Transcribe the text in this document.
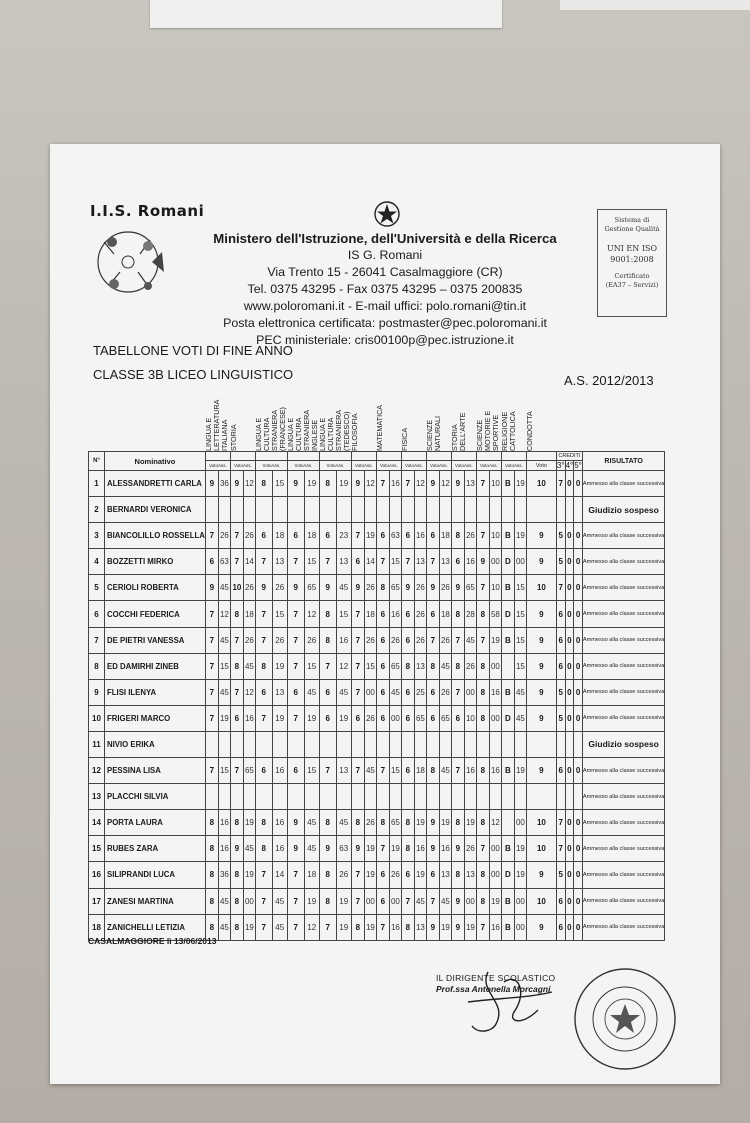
I.I.S. Romani
Ministero dell'Istruzione, dell'Università e della Ricerca
IS G. Romani
Via Trento 15 - 26041 Casalmaggiore (CR)
Tel. 0375 43295 - Fax 0375 43295 – 0375 200835
www.poloromani.it - E-mail uffici: polo.romani@tin.it
Posta elettronica certificata: postmaster@pec.poloromani.it
PEC ministeriale: cris00100p@pec.istruzione.it
Sistema di
Gestione Qualità
UNI EN ISO
9001:2008
Certificato
(EA37 – Servizi)
TABELLONE VOTI DI FINE ANNO
CLASSE 3B LICEO LINGUISTICO	A.S. 2012/2013

		LINGUA E LETTERATURA ITALIANA		STORIA		LINGUA E CULTURA STRANIERA (FRANCESE)		LINGUA E CULTURA STRANIERA INGLESE		LINGUA E CULTURA STRANIERA (TEDESCO)		FILOSOFIA		MATEMATICA		FISICA		SCIENZE NATURALI		STORIA DELL'ARTE		SCIENZE MOTORIE E SPORTIVE		RELIGIONE CATTOLICA		CONDOTTA				

N°	Nominativo																										CREDITI			RISULTATO
		VotoAss.		VotoAss.		VotoAss.		VotoAss.		VotoAss.		VotoAss.		VotoAss.		VotoAss.		VotoAss.		VotoAss.		VotoAss.		VotoAss.		Voto	3°	4°	5°	
1	ALESSANDRETTI CARLA	9	36	9	12	8	15	9	19	8	19	9	12	7	16	7	12	9	12	9	13	7	10	B	19	10	7	0	0	Ammesso alla classe successiva
2	BERNARDI VERONICA																													Giudizio sospeso
3	BIANCOLILLO ROSSELLA	7	26	7	26	6	18	6	18	6	23	7	19	6	63	6	16	6	18	8	26	7	10	B	19	9	5	0	0	Ammesso alla classe successiva
4	BOZZETTI MIRKO	6	63	7	14	7	13	7	15	7	13	6	14	7	15	7	13	7	13	6	16	9	00	D	00	9	5	0	0	Ammesso alla classe successiva
5	CERIOLI ROBERTA	9	45	10	26	9	26	9	65	9	45	9	26	8	65	9	26	9	26	9	65	7	10	B	15	10	7	0	0	Ammesso alla classe successiva
6	COCCHI FEDERICA	7	12	8	18	7	15	7	12	8	15	7	18	6	16	6	26	6	18	8	28	8	58	D	15	9	6	0	0	Ammesso alla classe successiva
7	DE PIETRI VANESSA	7	45	7	26	7	26	7	26	8	16	7	26	6	26	6	26	7	26	7	45	7	19	B	15	9	6	0	0	Ammesso alla classe successiva
8	ED DAMIRHI ZINEB	7	15	8	45	8	19	7	15	7	12	7	15	6	65	8	13	8	45	8	26	8	00		15	9	6	0	0	Ammesso alla classe successiva
9	FLISI ILENYA	7	45	7	12	6	13	6	45	6	45	7	00	6	45	6	25	6	26	7	00	8	16	B	45	9	5	0	0	Ammesso alla classe successiva
10	FRIGERI MARCO	7	19	6	16	7	19	7	19	6	19	6	26	6	00	6	65	6	65	6	10	8	00	D	45	9	5	0	0	Ammesso alla classe successiva
11	NIVIO ERIKA																													Giudizio sospeso
12	PESSINA LISA	7	15	7	65	6	16	6	15	7	13	7	45	7	15	6	18	8	45	7	16	8	16	B	19	9	6	0	0	Ammesso alla classe successiva
13	PLACCHI SILVIA																													Ammesso alla classe successiva
14	PORTA LAURA	8	16	8	19	8	16	9	45	8	45	8	26	8	65	8	19	9	19	8	19	8	12		00	10	7	0	0	Ammesso alla classe successiva
15	RUBES ZARA	8	16	9	45	8	16	9	45	9	63	9	19	7	19	8	16	9	16	9	26	7	00	B	19	10	7	0	0	Ammesso alla classe successiva
16	SILIPRANDI LUCA	8	36	8	19	7	14	7	18	8	26	7	19	6	26	6	19	6	13	8	13	8	00	D	19	9	5	0	0	Ammesso alla classe successiva
17	ZANESI MARTINA	8	45	8	00	7	45	7	19	8	19	7	00	6	00	7	45	7	45	9	00	8	19	B	00	10	6	0	0	Ammesso alla classe successiva
18	ZANICHELLI LETIZIA	8	45	8	19	7	45	7	12	7	19	8	19	7	16	8	13	9	19	9	19	7	16	B	00	9	6	0	0	Ammesso alla classe successiva
CASALMAGGIORE lì 13/06/2013
IL DIRIGENTE SCOLASTICO
Prof.ssa Antonella Morcagni
